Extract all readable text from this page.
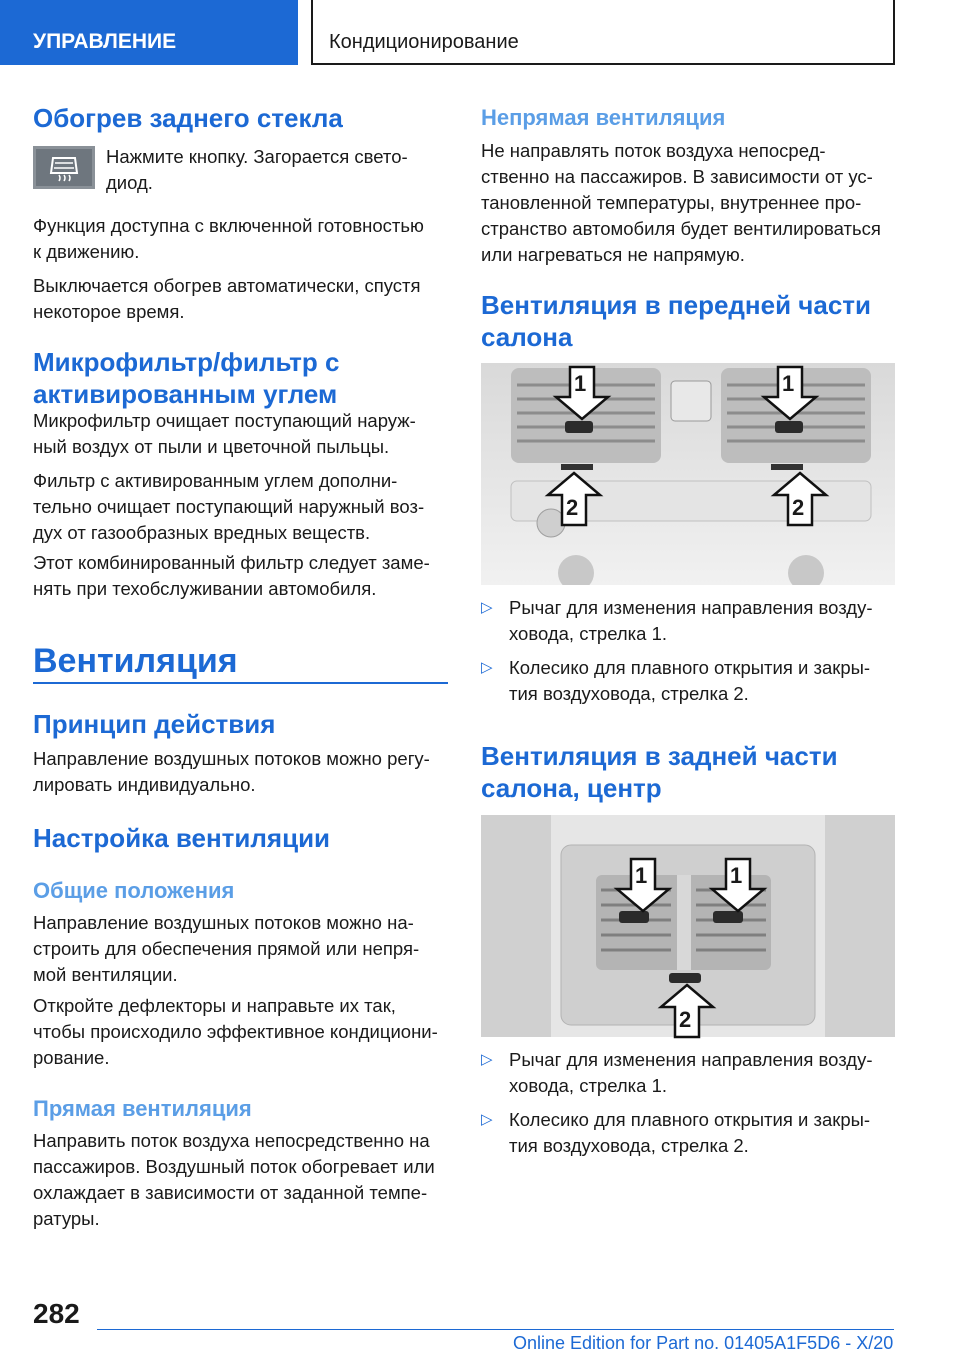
УПРАВЛЕНИЕ	Кондиционирование
Обогрев заднего стекла
Нажмите кнопку. Загорается свето-
диод.
Функция доступна с включенной готовностью
к движению.
Выключается обогрев автоматически, спустя
некоторое время.
Микрофильтр/фильтр с
активированным углем
Микрофильтр очищает поступающий наруж-
ный воздух от пыли и цветочной пыльцы.
Фильтр с активированным углем дополни-
тельно очищает поступающий наружный воз-
дух от газообразных вредных веществ.
Этот комбинированный фильтр следует заме-
нять при техобслуживании автомобиля.
Вентиляция
Принцип действия
Направление воздушных потоков можно регу-
лировать индивидуально.
Настройка вентиляции
Общие положения
Направление воздушных потоков можно на-
строить для обеспечения прямой или непря-
мой вентиляции.
Откройте дефлекторы и направьте их так,
чтобы происходило эффективное кондициони-
рование.
Прямая вентиляция
Направить поток воздуха непосредственно на
пассажиров. Воздушный поток обогревает или
охлаждает в зависимости от заданной темпе-
ратуры.
Непрямая вентиляция
Не направлять поток воздуха непосред-
ственно на пассажиров. В зависимости от ус-
тановленной температуры, внутреннее про-
странство автомобиля будет вентилироваться
или нагреваться не напрямую.
Вентиляция в передней части
салона
1	1
2	2
▷ Рычаг для изменения направления возду-
ховода, стрелка 1.
▷ Колесико для плавного открытия и закры-
тия воздуховода, стрелка 2.
Вентиляция в задней части
салона, центр
1	1
2
▷ Рычаг для изменения направления возду-
ховода, стрелка 1.
▷ Колесико для плавного открытия и закры-
тия воздуховода, стрелка 2.
282
Online Edition for Part no. 01405A1F5D6 - X/20
